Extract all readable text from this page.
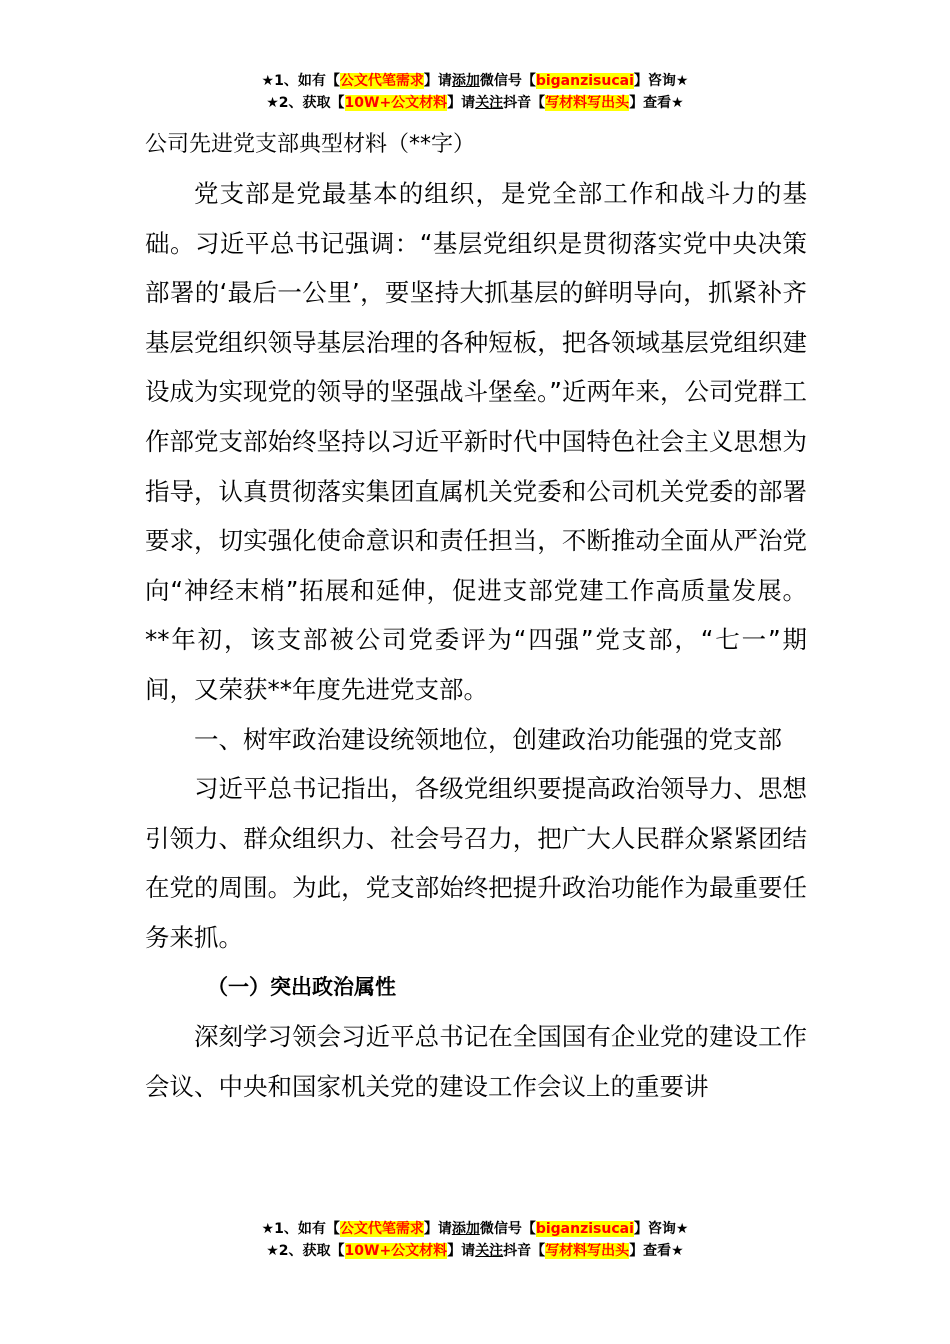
★1、如有【公文代笔需求】请添加微信号【biganzisucai】咨询★
★2、获取【10W+公文材料】请关注抖音【写材料写出头】查看★
公司先进党支部典型材料（**字）

党支部是党最基本的组织，是党全部工作和战斗力的基础。习近平总书记强调：“基层党组织是贯彻落实党中央决策部署的‘最后一公里’，要坚持大抓基层的鲜明导向，抓紧补齐基层党组织领导基层治理的各种短板，把各领域基层党组织建设成为实现党的领导的坚强战斗堡垒。”近两年来，公司党群工作部党支部始终坚持以习近平新时代中国特色社会主义思想为指导，认真贯彻落实集团直属机关党委和公司机关党委的部署要求，切实强化使命意识和责任担当，不断推动全面从严治党向“神经末梢”拓展和延伸，促进支部党建工作高质量发展。**年初，该支部被公司党委评为“四强”党支部，“七一”期间，又荣获**年度先进党支部。

一、树牢政治建设统领地位，创建政治功能强的党支部

习近平总书记指出，各级党组织要提高政治领导力、思想引领力、群众组织力、社会号召力，把广大人民群众紧紧团结在党的周围。为此，党支部始终把提升政治功能作为最重要任务来抓。

（一）突出政治属性

深刻学习领会习近平总书记在全国国有企业党的建设工作会议、中央和国家机关党的建设工作会议上的重要讲

★1、如有【公文代笔需求】请添加微信号【biganzisucai】咨询★
★2、获取【10W+公文材料】请关注抖音【写材料写出头】查看★
